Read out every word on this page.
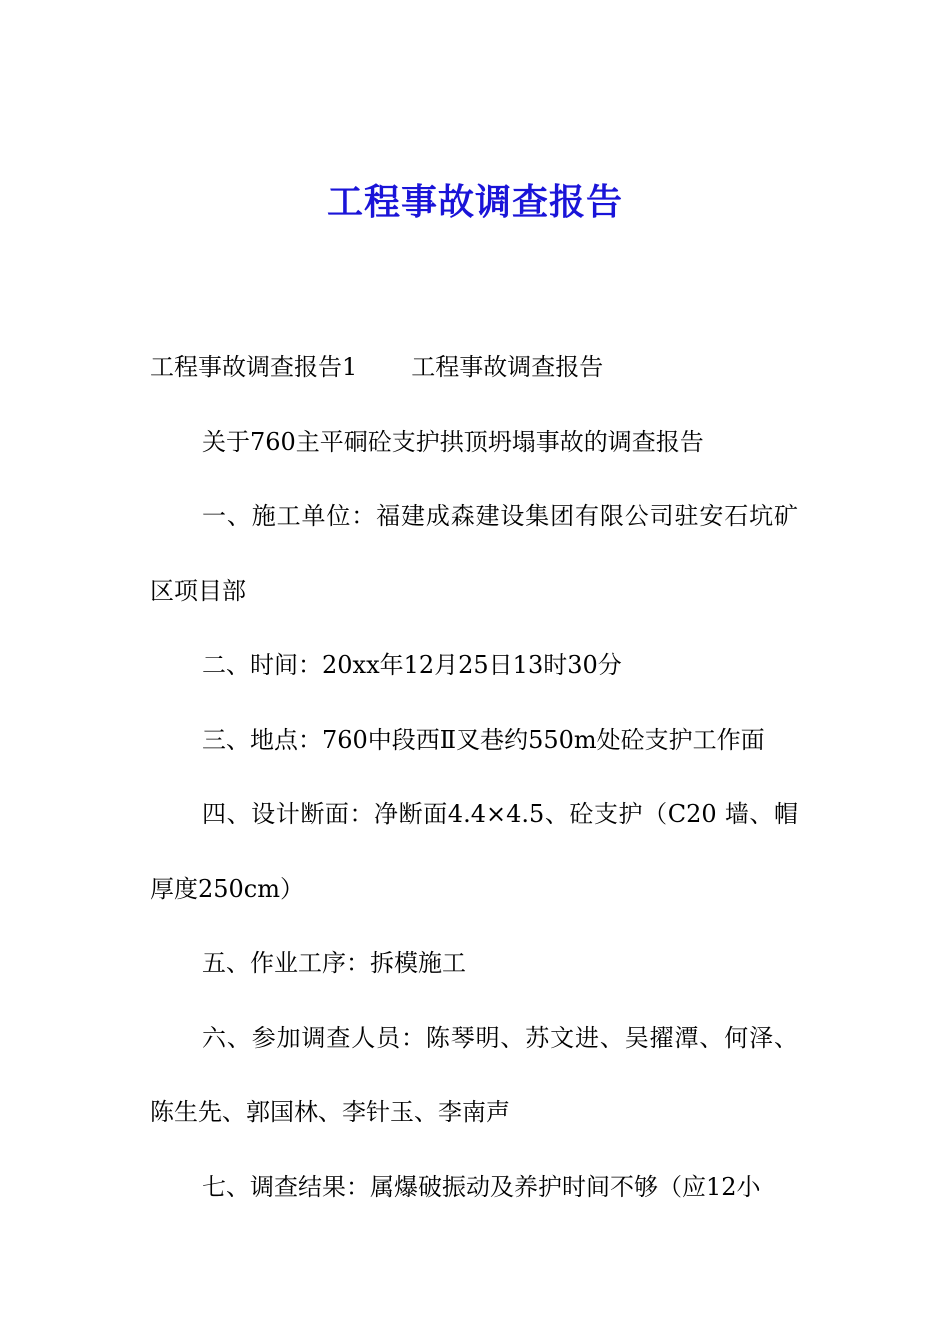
工程事故调查报告

工程事故调查报告1 工程事故调查报告

关于760主平硐砼支护拱顶坍塌事故的调查报告

一、施工单位：福建成森建设集团有限公司驻安石坑矿区项目部

二、时间：20xx年12月25日13时30分

三、地点：760中段西Ⅱ叉巷约550m处砼支护工作面

四、设计断面：净断面4.4×4.5、砼支护（C20 墙、帽厚度250cm）

五、作业工序：拆模施工

六、参加调查人员：陈琴明、苏文进、吴擢潭、何泽、陈生先、郭国林、李针玉、李南声

七、调查结果：属爆破振动及养护时间不够（应12小
